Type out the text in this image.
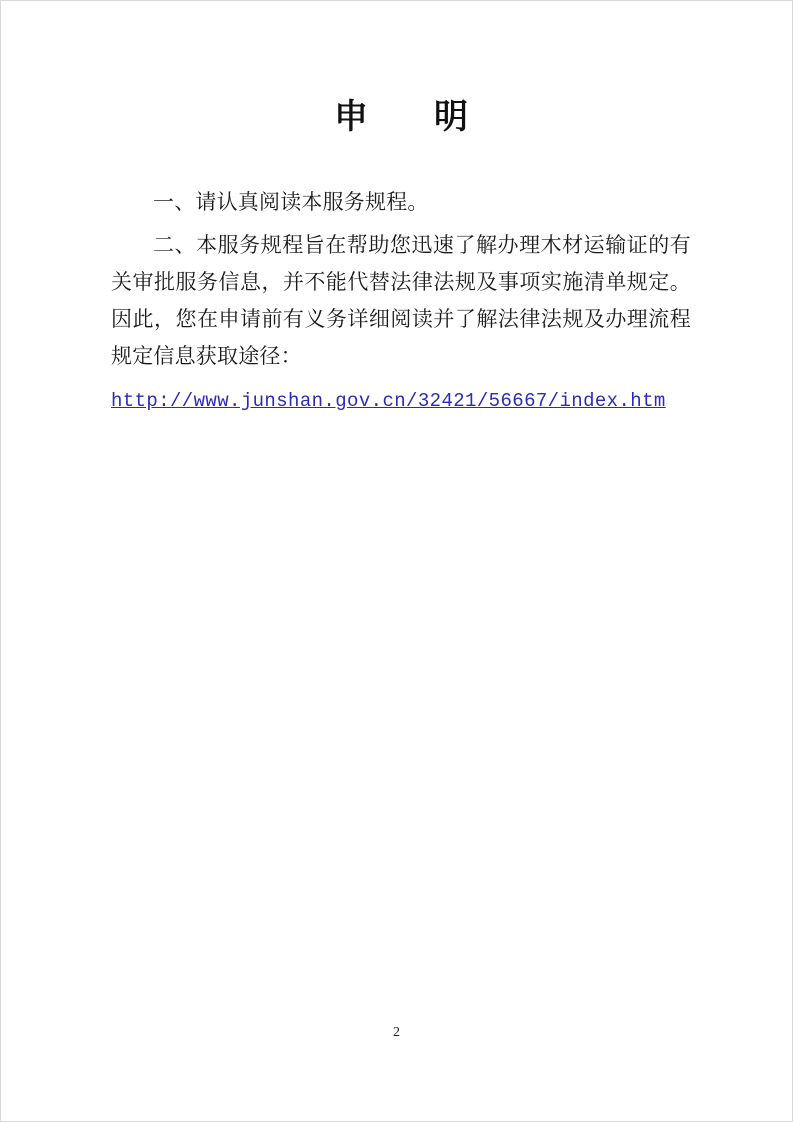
申　明

一、请认真阅读本服务规程。

二、本服务规程旨在帮助您迅速了解办理木材运输证的有关审批服务信息，并不能代替法律法规及事项实施清单规定。因此，您在申请前有义务详细阅读并了解法律法规及办理流程规定信息获取途径：

http://www.junshan.gov.cn/32421/56667/index.htm

2
